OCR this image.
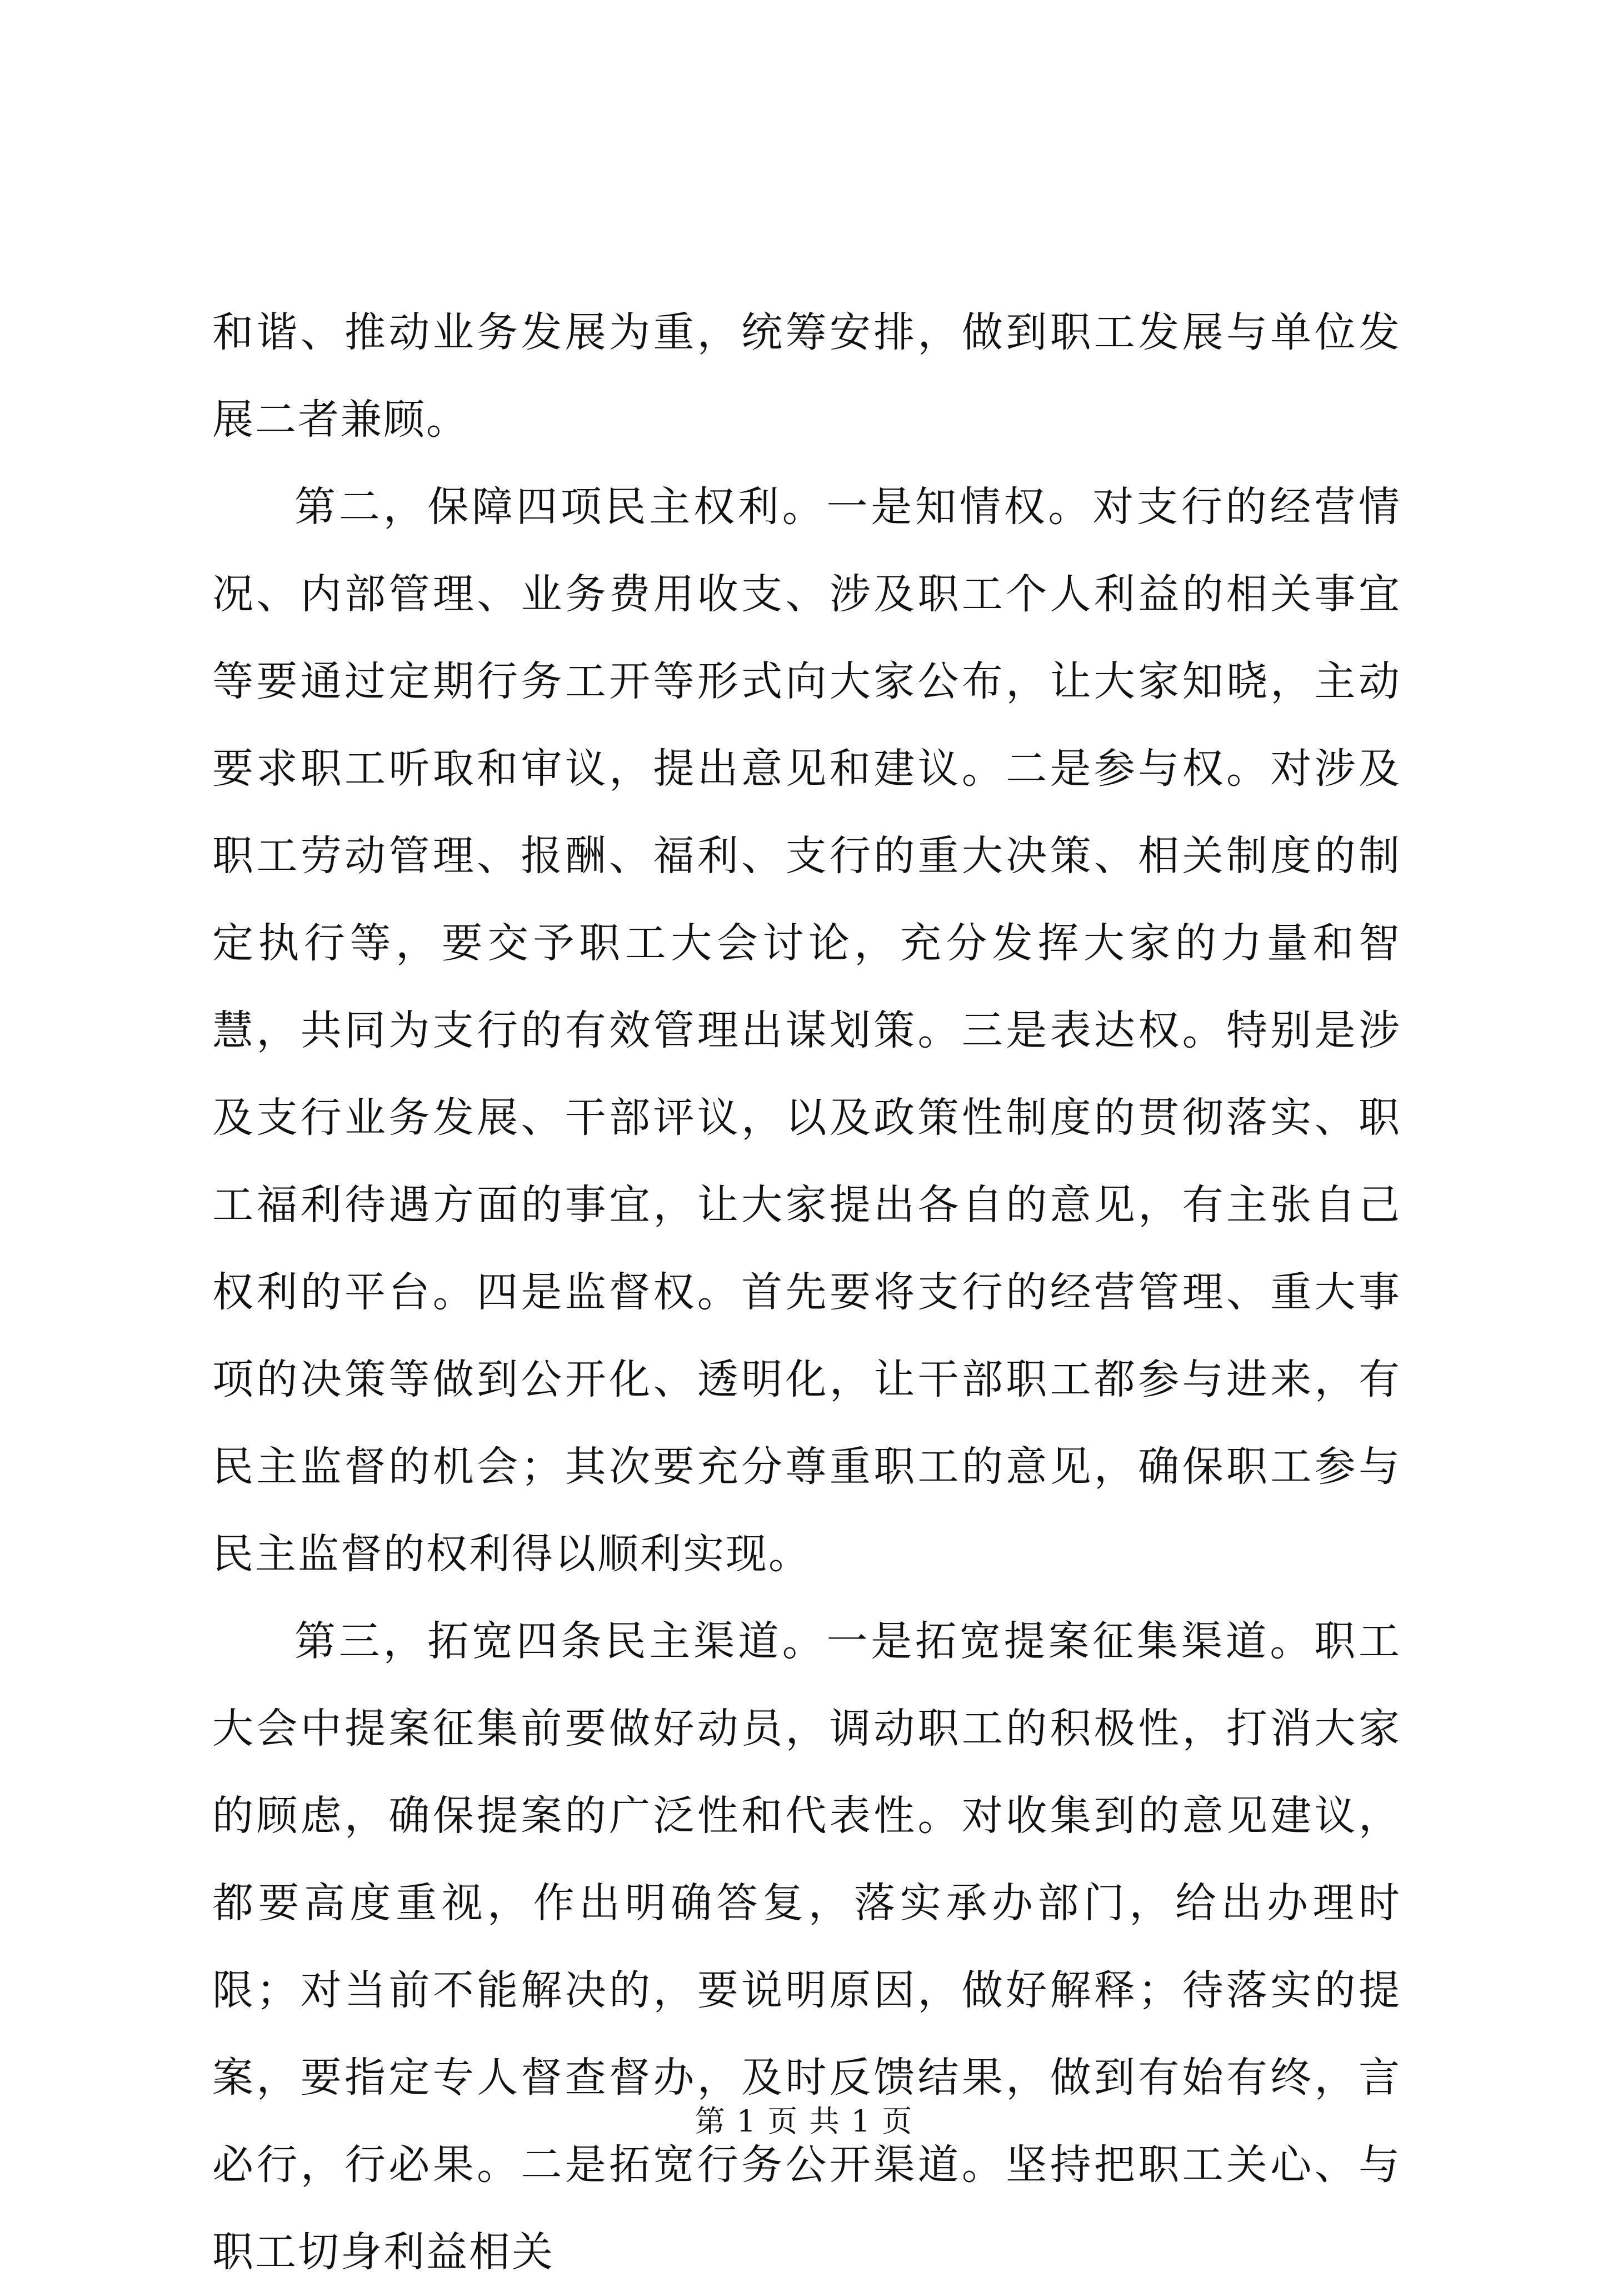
和谐、推动业务发展为重，统筹安排，做到职工发展与单位发展二者兼顾。

第二，保障四项民主权利。一是知情权。对支行的经营情况、内部管理、业务费用收支、涉及职工个人利益的相关事宜等要通过定期行务工开等形式向大家公布，让大家知晓，主动要求职工听取和审议，提出意见和建议。二是参与权。对涉及职工劳动管理、报酬、福利、支行的重大决策、相关制度的制定执行等，要交予职工大会讨论，充分发挥大家的力量和智慧，共同为支行的有效管理出谋划策。三是表达权。特别是涉及支行业务发展、干部评议，以及政策性制度的贯彻落实、职工福利待遇方面的事宜，让大家提出各自的意见，有主张自己权利的平台。四是监督权。首先要将支行的经营管理、重大事项的决策等做到公开化、透明化，让干部职工都参与进来，有民主监督的机会；其次要充分尊重职工的意见，确保职工参与民主监督的权利得以顺利实现。

第三，拓宽四条民主渠道。一是拓宽提案征集渠道。职工大会中提案征集前要做好动员，调动职工的积极性，打消大家的顾虑，确保提案的广泛性和代表性。对收集到的意见建议，都要高度重视，作出明确答复，落实承办部门，给出办理时限；对当前不能解决的，要说明原因，做好解释；待落实的提案，要指定专人督查督办，及时反馈结果，做到有始有终，言必行，行必果。二是拓宽行务公开渠道。坚持把职工关心、与职工切身利益相关

第 1 页 共 1 页
